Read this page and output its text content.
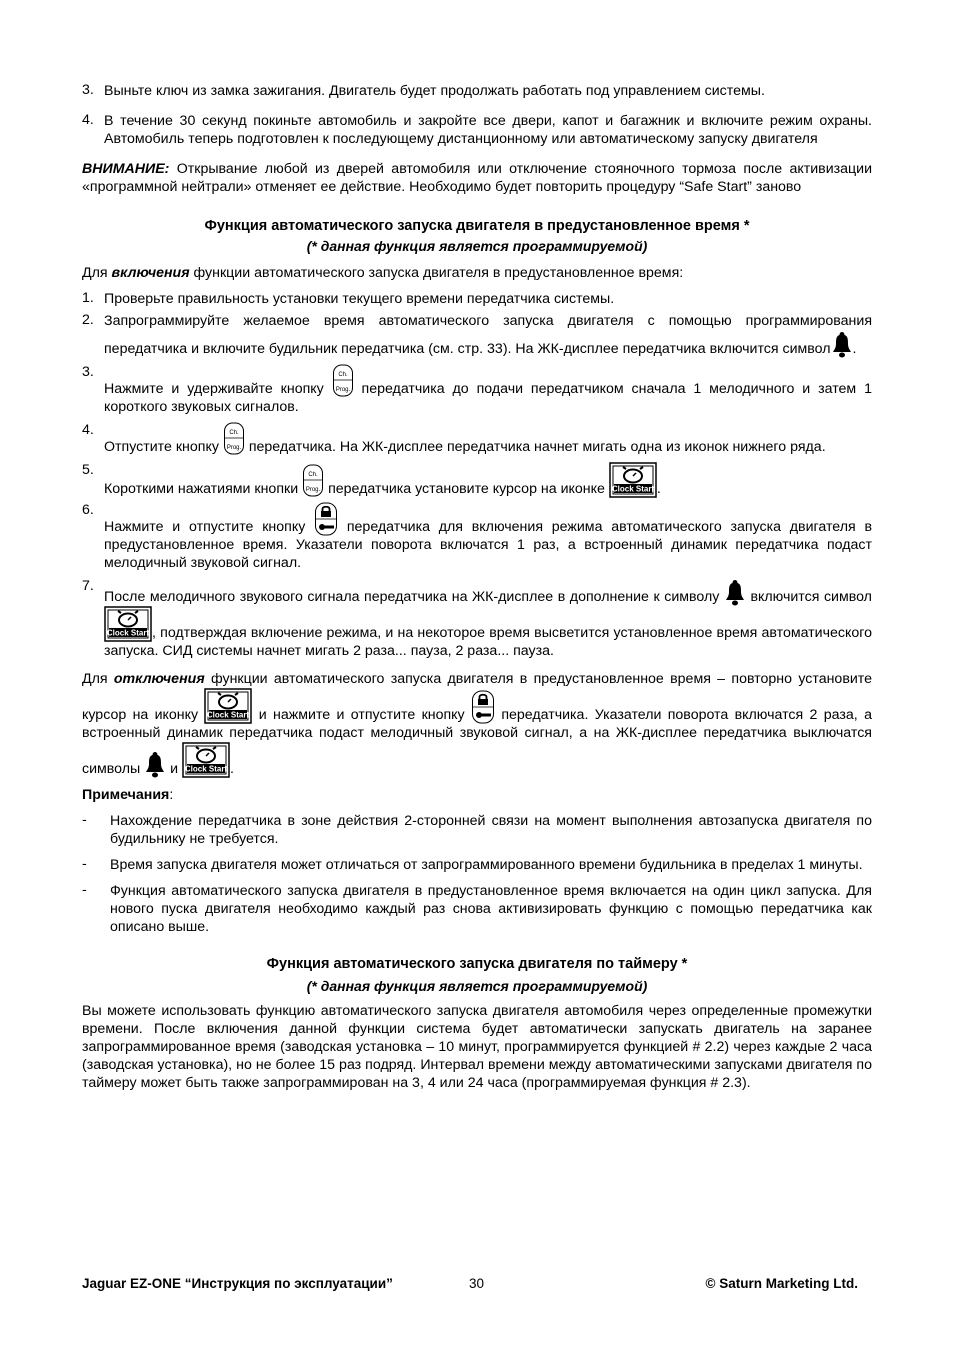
3. Выньте ключ из замка зажигания. Двигатель будет продолжать работать под управлением системы.
4. В течение 30 секунд покиньте автомобиль и закройте все двери, капот и багажник и включите режим охраны. Автомобиль теперь подготовлен к последующему дистанционному или автоматическому запуску двигателя

ВНИМАНИЕ: Открывание любой из дверей автомобиля или отключение стояночного тормоза после активизации «программной нейтрали» отменяет ее действие. Необходимо будет повторить процедуру “Safe Start” заново

Функция автоматического запуска двигателя в предустановленное время *
(* данная функция является программируемой)

Для включения функции автоматического запуска двигателя в предустановленное время:

1. Проверьте правильность установки текущего времени передатчика системы.
2. Запрограммируйте желаемое время автоматического запуска двигателя с помощью программирования передатчика и включите будильник передатчика (см. стр. 33). На ЖК-дисплее передатчика включится символ .
3.
Нажмите и удерживайте кнопку
Ch.
Prog. передатчика до подачи передатчиком сначала 1 мелодичного и затем 1 короткого звуковых сигналов.
4.
Отпустите кнопку
Ch.
Prog. передатчика. На ЖК-дисплее передатчика начнет мигать одна из иконок нижнего ряда.
5.
Короткими нажатиями кнопки
Ch.
Prog. передатчика установите курсор на иконке Clock Start .
6.
Нажмите и отпустите кнопку	передатчика для включения режима автоматического запуска двигателя в предустановленное время. Указатели поворота включатся 1 раз, а встроенный динамик передатчика подаст мелодичный звуковой сигнал.
7.
После мелодичного звукового сигнала передатчика на ЖК-дисплее в дополнение к символу включится символ
Clock Start , подтверждая включение режима, и на некоторое время высветится установленное время автоматического запуска. СИД системы начнет мигать 2 раза... пауза, 2 раза... пауза.

Для отключения функции автоматического запуска двигателя в предустановленное время – повторно установите курсор на иконку Clock Start и нажмите и отпустите кнопку	передатчика. Указатели поворота включатся 2 раза, а встроенный динамик передатчика подаст мелодичный звуковой сигнал, а на ЖК-дисплее передатчика выключатся символы и Clock Start .

Примечания:

-	Нахождение передатчика в зоне действия 2-сторонней связи на момент выполнения автозапуска двигателя по будильнику не требуется.
-	Время запуска двигателя может отличаться от запрограммированного времени будильника в пределах 1 минуты.
-	Функция автоматического запуска двигателя в предустановленное время включается на один цикл запуска. Для нового пуска двигателя необходимо каждый раз снова активизировать функцию с помощью передатчика как описано выше.
Функция автоматического запуска двигателя по таймеру *
(* данная функция является программируемой)

Вы можете использовать функцию автоматического запуска двигателя автомобиля через определенные промежутки времени. После включения данной функции система будет автоматически запускать двигатель на заранее запрограммированное время (заводская установка – 10 минут, программируется функцией # 2.2) через каждые 2 часа (заводская установка), но не более 15 раз подряд. Интервал времени между автоматическими запусками двигателя по таймеру может быть также запрограммирован на 3, 4 или 24 часа (программируемая функция # 2.3).

Jaguar EZ-ONE “Инструкция по эксплуатации”	30	© Saturn Marketing Ltd.
